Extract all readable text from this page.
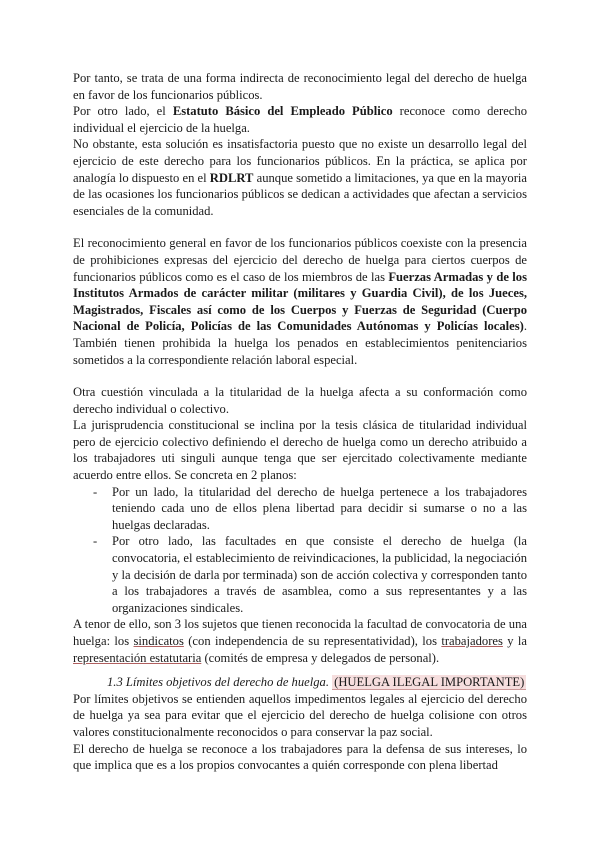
Por tanto, se trata de una forma indirecta de reconocimiento legal del derecho de huelga en favor de los funcionarios públicos.

Por otro lado, el Estatuto Básico del Empleado Público reconoce como derecho individual el ejercicio de la huelga.

No obstante, esta solución es insatisfactoria puesto que no existe un desarrollo legal del ejercicio de este derecho para los funcionarios públicos. En la práctica, se aplica por analogía lo dispuesto en el RDLRT aunque sometido a limitaciones, ya que en la mayoria de las ocasiones los funcionarios públicos se dedican a actividades que afectan a servicios esenciales de la comunidad.

El reconocimiento general en favor de los funcionarios públicos coexiste con la presencia de prohibiciones expresas del ejercicio del derecho de huelga para ciertos cuerpos de funcionarios públicos como es el caso de los miembros de las Fuerzas Armadas y de los Institutos Armados de carácter militar (militares y Guardia Civil), de los Jueces, Magistrados, Fiscales así como de los Cuerpos y Fuerzas de Seguridad (Cuerpo Nacional de Policía, Policías de las Comunidades Autónomas y Policías locales). También tienen prohibida la huelga los penados en establecimientos penitenciarios sometidos a la correspondiente relación laboral especial.

Otra cuestión vinculada a la titularidad de la huelga afecta a su conformación como derecho individual o colectivo.

La jurisprudencia constitucional se inclina por la tesis clásica de titularidad individual pero de ejercicio colectivo definiendo el derecho de huelga como un derecho atribuido a los trabajadores uti singuli aunque tenga que ser ejercitado colectivamente mediante acuerdo entre ellos. Se concreta en 2 planos:

- Por un lado, la titularidad del derecho de huelga pertenece a los trabajadores teniendo cada uno de ellos plena libertad para decidir si sumarse o no a las huelgas declaradas.
- Por otro lado, las facultades en que consiste el derecho de huelga (la convocatoria, el establecimiento de reivindicaciones, la publicidad, la negociación y la decisión de darla por terminada) son de acción colectiva y corresponden tanto a los trabajadores a través de asamblea, como a sus representantes y a las organizaciones sindicales.

A tenor de ello, son 3 los sujetos que tienen reconocida la facultad de convocatoria de una huelga: los sindicatos (con independencia de su representatividad), los trabajadores y la representación estatutaria (comités de empresa y delegados de personal).

1.3 Límites objetivos del derecho de huelga. (HUELGA ILEGAL IMPORTANTE)

Por límites objetivos se entienden aquellos impedimentos legales al ejercicio del derecho de huelga ya sea para evitar que el ejercicio del derecho de huelga colisione con otros valores constitucionalmente reconocidos o para conservar la paz social.

El derecho de huelga se reconoce a los trabajadores para la defensa de sus intereses, lo que implica que es a los propios convocantes a quién corresponde con plena libertad
